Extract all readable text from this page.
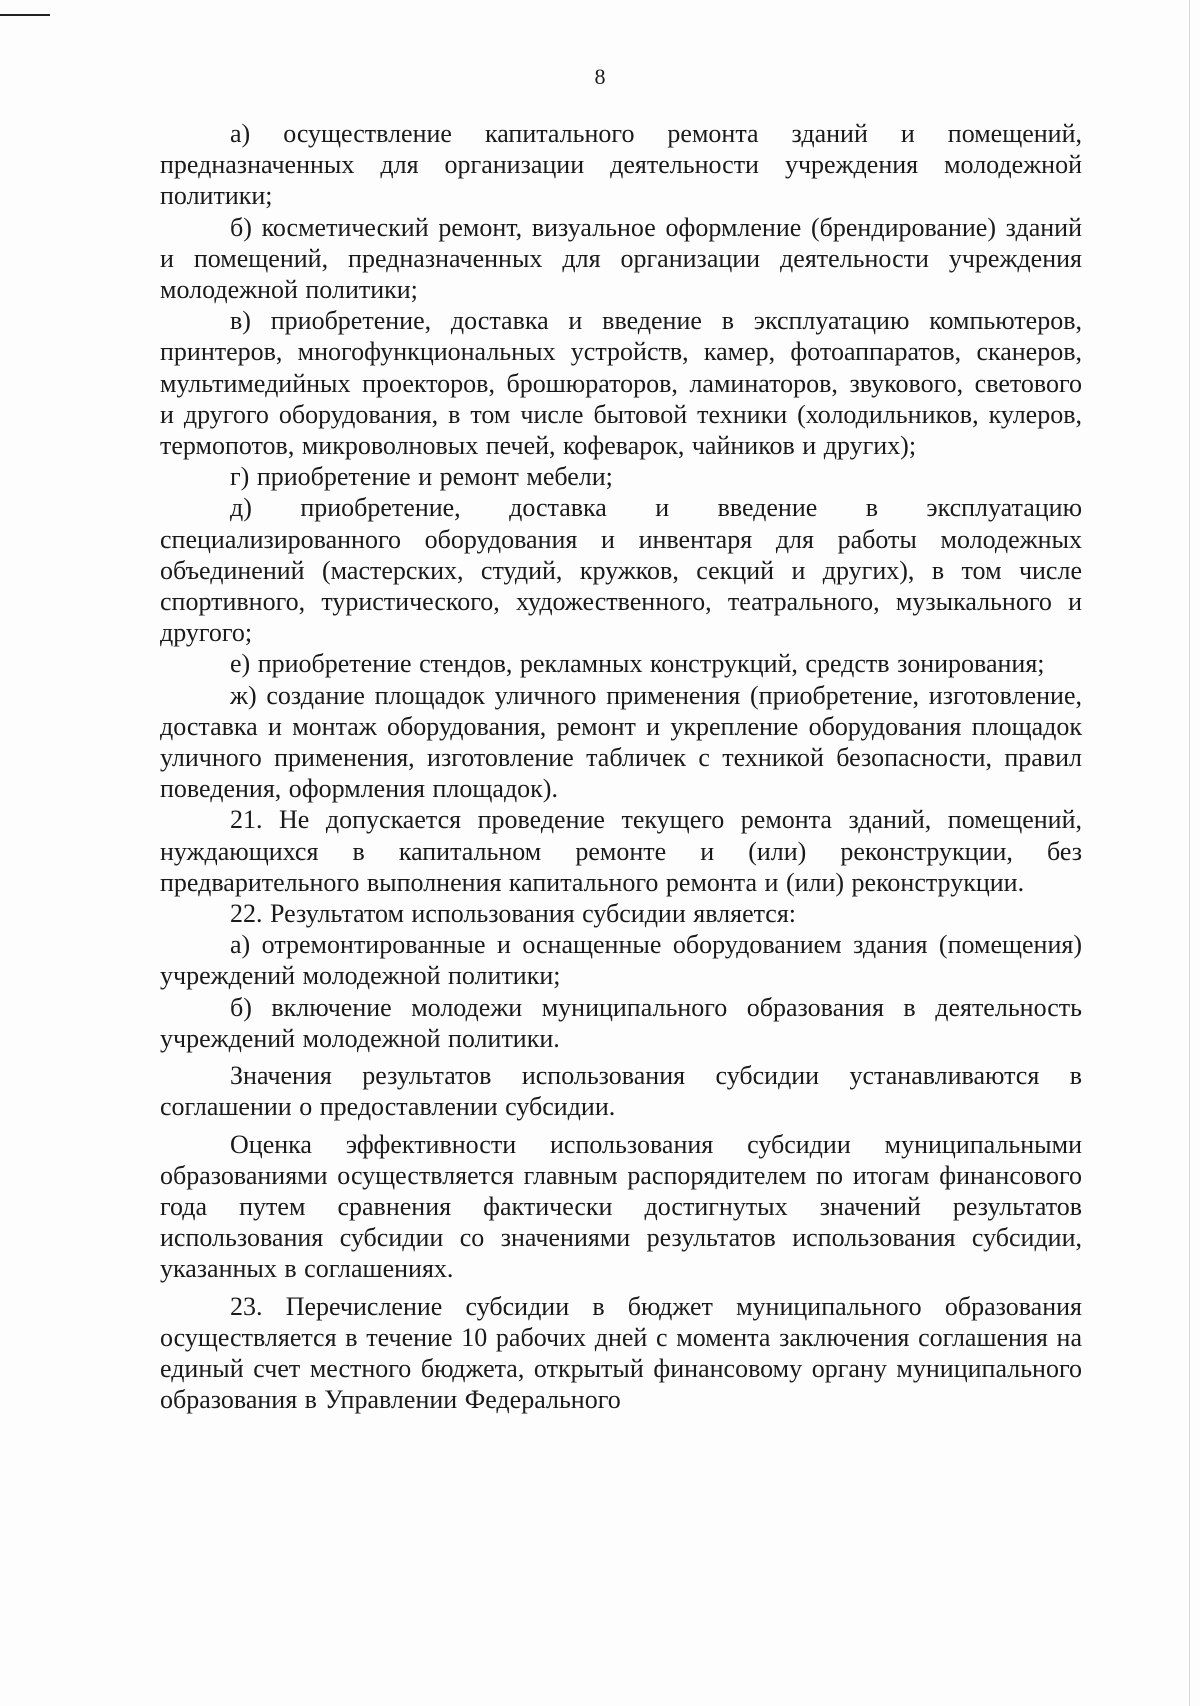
8

а) осуществление капитального ремонта зданий и помещений, предназначенных для организации деятельности учреждения молодежной политики;

б) косметический ремонт, визуальное оформление (брендирование) зданий и помещений, предназначенных для организации деятельности учреждения молодежной политики;

в) приобретение, доставка и введение в эксплуатацию компьютеров, принтеров, многофункциональных устройств, камер, фотоаппаратов, сканеров, мультимедийных проекторов, брошюраторов, ламинаторов, звукового, светового и другого оборудования, в том числе бытовой техники (холодильников, кулеров, термопотов, микроволновых печей, кофеварок, чайников и других);

г) приобретение и ремонт мебели;

д) приобретение, доставка и введение в эксплуатацию специализированного оборудования и инвентаря для работы молодежных объединений (мастерских, студий, кружков, секций и других), в том числе спортивного, туристического, художественного, театрального, музыкального и другого;

е) приобретение стендов, рекламных конструкций, средств зонирования;

ж) создание площадок уличного применения (приобретение, изготовление, доставка и монтаж оборудования, ремонт и укрепление оборудования площадок уличного применения, изготовление табличек с техникой безопасности, правил поведения, оформления площадок).

21. Не допускается проведение текущего ремонта зданий, помещений, нуждающихся в капитальном ремонте и (или) реконструкции, без предварительного выполнения капитального ремонта и (или) реконструкции.

22. Результатом использования субсидии является:

а) отремонтированные и оснащенные оборудованием здания (помещения) учреждений молодежной политики;

б) включение молодежи муниципального образования в деятельность учреждений молодежной политики.

Значения результатов использования субсидии устанавливаются в соглашении о предоставлении субсидии.

Оценка эффективности использования субсидии муниципальными образованиями осуществляется главным распорядителем по итогам финансового года путем сравнения фактически достигнутых значений результатов использования субсидии со значениями результатов использования субсидии, указанных в соглашениях.

23. Перечисление субсидии в бюджет муниципального образования осуществляется в течение 10 рабочих дней с момента заключения соглашения на единый счет местного бюджета, открытый финансовому органу муниципального образования в Управлении Федерального
